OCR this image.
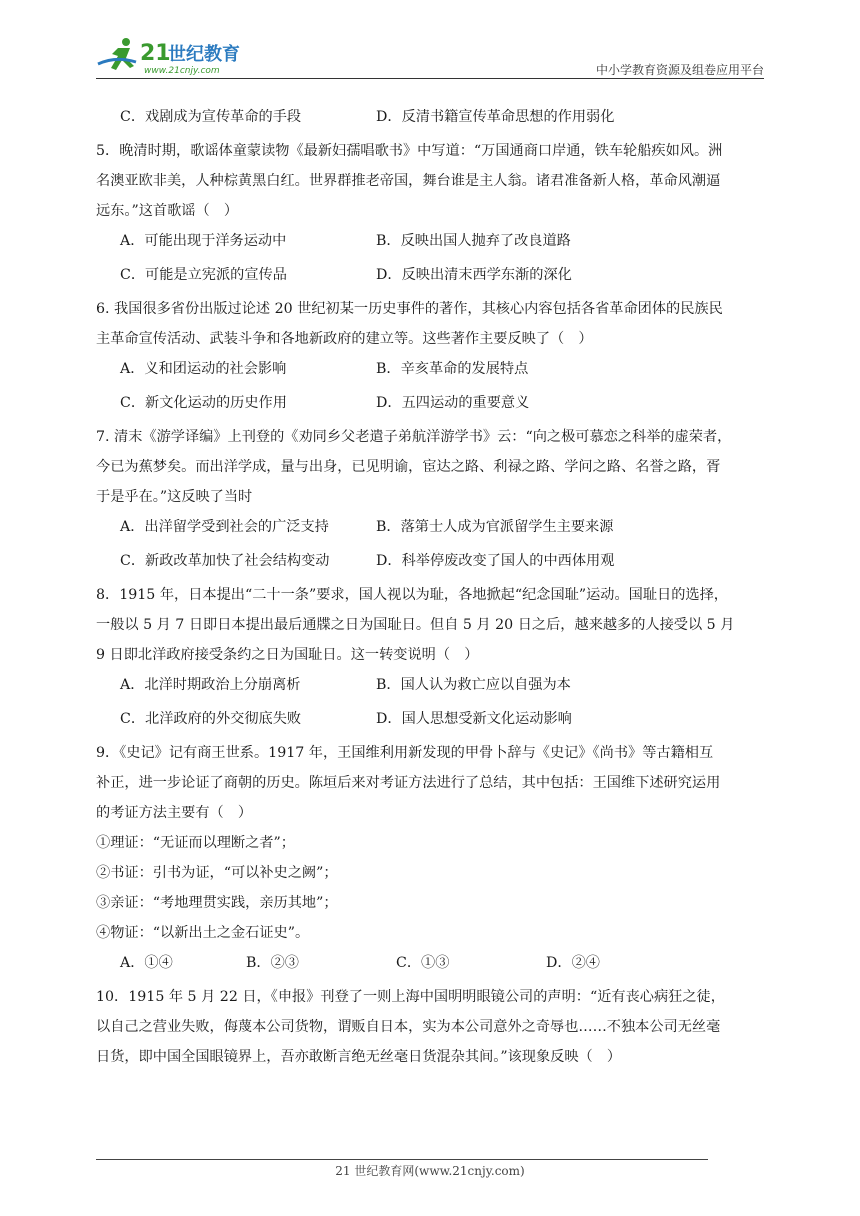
21
世纪教育
www.21cnjy.com	中小学教育资源及组卷应用平台
C．戏剧成为宣传革命的手段	D．反清书籍宣传革命思想的作用弱化

5．晚清时期，歌谣体童蒙读物《最新妇孺唱歌书》中写道：“万国通商口岸通，铁车轮船疾如风。洲

名澳亚欧非美，人种棕黄黑白红。世界群推老帝国，舞台谁是主人翁。诸君准备新人格，革命风潮逼

远东。”这首歌谣（　）

A．可能出现于洋务运动中	B．反映出国人抛弃了改良道路
C．可能是立宪派的宣传品	D．反映出清末西学东渐的深化

6. 我国很多省份出版过论述 20 世纪初某一历史事件的著作，其核心内容包括各省革命团体的民族民

主革命宣传活动、武装斗争和各地新政府的建立等。这些著作主要反映了（　）

A．义和团运动的社会影响	B．辛亥革命的发展特点
C．新文化运动的历史作用	D．五四运动的重要意义

7. 清末《游学译编》上刊登的《劝同乡父老遣子弟航洋游学书》云：“向之极可慕恋之科举的虚荣者，

今已为蕉梦矣。而出洋学成，量与出身，已见明谕，宦达之路、利禄之路、学问之路、名誉之路，胥

于是乎在。”这反映了当时

A．出洋留学受到社会的广泛支持	B．落第士人成为官派留学生主要来源
C．新政改革加快了社会结构变动	D．科举停废改变了国人的中西体用观

8．1915 年，日本提出“二十一条”要求，国人视以为耻，各地掀起“纪念国耻”运动。国耻日的选择，

一般以 5 月 7 日即日本提出最后通牒之日为国耻日。但自 5 月 20 日之后，越来越多的人接受以 5 月

9 日即北洋政府接受条约之日为国耻日。这一转变说明（　）

A．北洋时期政治上分崩离析	B．国人认为救亡应以自强为本
C．北洋政府的外交彻底失败	D．国人思想受新文化运动影响

9．《史记》记有商王世系。1917 年，王国维利用新发现的甲骨卜辞与《史记》《尚书》等古籍相互

补正，进一步论证了商朝的历史。陈垣后来对考证方法进行了总结，其中包括：王国维下述研究运用

的考证方法主要有（　）

①理证：“无证而以理断之者”；

②书证：引书为证，“可以补史之阙”；

③亲证：“考地理贯实践，亲历其地”；

④物证：“以新出土之金石证史”。

A．①④	B．②③	C．①③	D．②④

10．1915 年 5 月 22 日，《申报》刊登了一则上海中国明明眼镜公司的声明：“近有丧心病狂之徒，

以自己之营业失败，侮蔑本公司货物，谓贩自日本，实为本公司意外之奇辱也……不独本公司无丝毫

日货，即中国全国眼镜界上，吾亦敢断言绝无丝毫日货混杂其间。”该现象反映（　）

21 世纪教育网(www.21cnjy.com)
